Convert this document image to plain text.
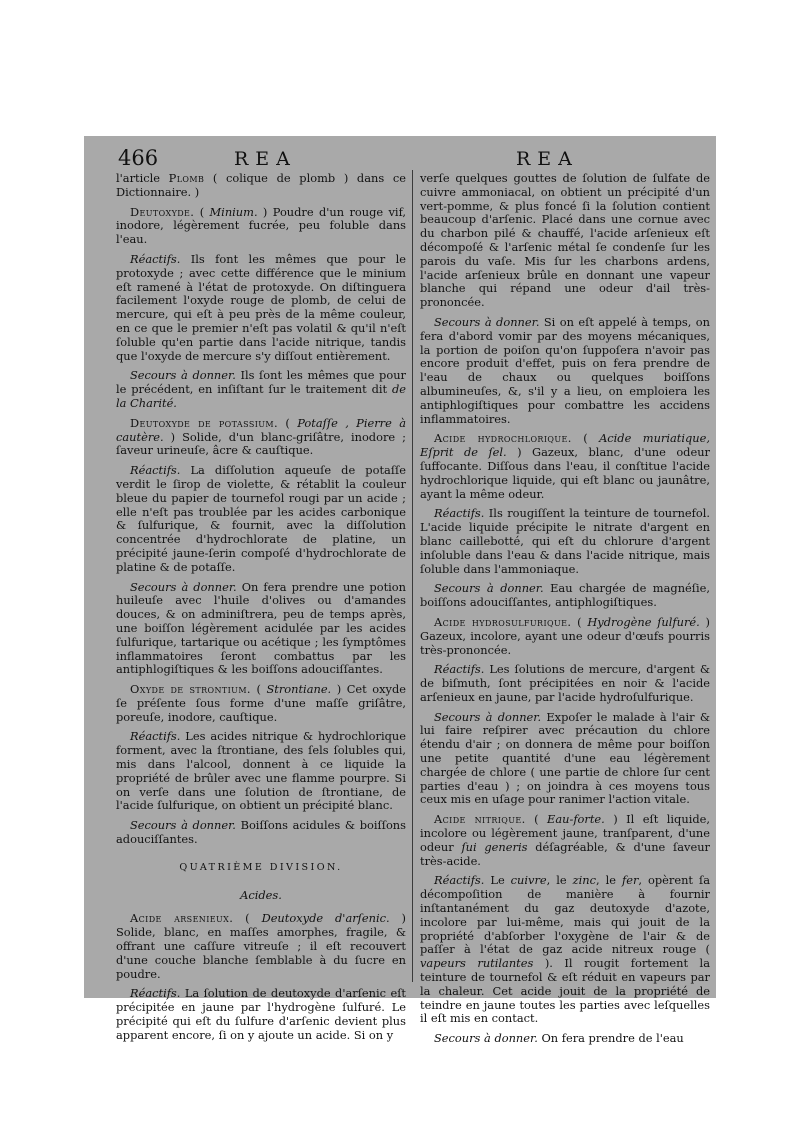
466	REA	REA

l'article Plomb ( colique de plomb ) dans ce Dictionnaire. )

Deutoxyde. ( Minium. ) Poudre d'un rouge vif, inodore, légèrement fucrée, peu foluble dans l'eau.

Réactifs. Ils font les mêmes que pour le protoxyde ; avec cette différence que le minium eſt ramené à l'état de protoxyde. On diſtinguera facilement l'oxyde rouge de plomb, de celui de mercure, qui eſt à peu près de la même couleur, en ce que le premier n'eſt pas volatil & qu'il n'eſt ſoluble qu'en partie dans l'acide nitrique, tandis que l'oxyde de mercure s'y diſſout entièrement.

Secours à donner. Ils ſont les mêmes que pour le précédent, en inſiſtant ſur le traitement dit de la Charité.

Deutoxyde de potassium. ( Potaſſe , Pierre à cautère. ) Solide, d'un blanc-griſâtre, inodore ; ſaveur urineuſe, âcre & cauſtique.

Réactifs. La diſſolution aqueuſe de potaſſe verdit le ſirop de violette, & rétablit la couleur bleue du papier de tournefol rougi par un acide ; elle n'eſt pas troublée par les acides carbonique & ſulfurique, & fournit, avec la diſſolution concentrée d'hydrochlorate de platine, un précipité jaune-ſerin compoſé d'hydrochlorate de platine & de potaſſe.

Secours à donner. On fera prendre une potion huileuſe avec l'huile d'olives ou d'amandes douces, & on adminiſtrera, peu de temps après, une boiſſon légèrement acidulée par les acides ſulfurique, tartarique ou acétique ; les ſymptômes inflammatoires ſeront combattus par les antiphlogiſtiques & les boiſſons adouciſſantes.

Oxyde de strontium. ( Strontiane. ) Cet oxyde ſe préſente ſous forme d'une maſſe griſâtre, poreuſe, inodore, cauſtique.

Réactifs. Les acides nitrique & hydrochlorique forment, avec la ſtrontiane, des ſels ſolubles qui, mis dans l'alcool, donnent à ce liquide la propriété de brûler avec une flamme pourpre. Si on verſe dans une ſolution de ſtrontiane, de l'acide ſulfurique, on obtient un précipité blanc.

Secours à donner. Boiſſons acidules & boiſſons adouciſſantes.

QUATRIÈME DIVISION.

Acides.

Acide arsenieux. ( Deutoxyde d'arſenic. ) Solide, blanc, en maſſes amorphes, fragile, & offrant une caſſure vitreuſe ; il eſt recouvert d'une couche blanche ſemblable à du ſucre en poudre.

Réactifs. La ſolution de deutoxyde d'arſenic eſt précipitée en jaune par l'hydrogène ſulfuré. Le précipité qui eſt du ſulfure d'arſenic devient plus apparent encore, ſi on y ajoute un acide. Si on y

verſe quelques gouttes de ſolution de ſulfate de cuivre ammoniacal, on obtient un précipité d'un vert-pomme, & plus foncé ſi la ſolution contient beaucoup d'arſenic. Placé dans une cornue avec du charbon pilé & chauffé, l'acide arſenieux eſt décompoſé & l'arſenic métal ſe condenſe ſur les parois du vaſe. Mis ſur les charbons ardens, l'acide arſenieux brûle en donnant une vapeur blanche qui répand une odeur d'ail très-prononcée.

Secours à donner. Si on eſt appelé à temps, on fera d'abord vomir par des moyens mécaniques, la portion de poiſon qu'on ſuppoſera n'avoir pas encore produit d'effet, puis on fera prendre de l'eau de chaux ou quelques boiſſons albumineuſes, &, s'il y a lieu, on emploiera les antiphlogiſtiques pour combattre les accidens inflammatoires.

Acide hydrochlorique. ( Acide muriatique, Eſprit de ſel. ) Gazeux, blanc, d'une odeur ſuffocante. Diſſous dans l'eau, il conſtitue l'acide hydrochlorique liquide, qui eſt blanc ou jaunâtre, ayant la même odeur.

Réactifs. Ils rougiſſent la teinture de tournefol. L'acide liquide précipite le nitrate d'argent en blanc caillebotté, qui eſt du chlorure d'argent inſoluble dans l'eau & dans l'acide nitrique, mais ſoluble dans l'ammoniaque.

Secours à donner. Eau chargée de magnéſie, boiſſons adouciſſantes, antiphlogiſtiques.

Acide hydrosulfurique. ( Hydrogène ſulfuré. ) Gazeux, incolore, ayant une odeur d'œufs pourris très-prononcée.

Réactifs. Les ſolutions de mercure, d'argent & de biſmuth, ſont précipitées en noir & l'acide arſenieux en jaune, par l'acide hydroſulfurique.

Secours à donner. Expoſer le malade à l'air & lui faire reſpirer avec précaution du chlore étendu d'air ; on donnera de même pour boiſſon une petite quantité d'une eau légèrement chargée de chlore ( une partie de chlore ſur cent parties d'eau ) ; on joindra à ces moyens tous ceux mis en uſage pour ranimer l'action vitale.

Acide nitrique. ( Eau-forte. ) Il eſt liquide, incolore ou légèrement jaune, tranſparent, d'une odeur ſui generis déſagréable, & d'une ſaveur très-acide.

Réactifs. Le cuivre, le zinc, le fer, opèrent ſa décompoſition de manière à fournir inſtantanément du gaz deutoxyde d'azote, incolore par lui-même, mais qui jouit de la propriété d'abſorber l'oxygène de l'air & de paſſer à l'état de gaz acide nitreux rouge ( vapeurs rutilantes ). Il rougit fortement la teinture de tournefol & eſt réduit en vapeurs par la chaleur. Cet acide jouit de la propriété de teindre en jaune toutes les parties avec leſquelles il eſt mis en contact.

Secours à donner. On fera prendre de l'eau
